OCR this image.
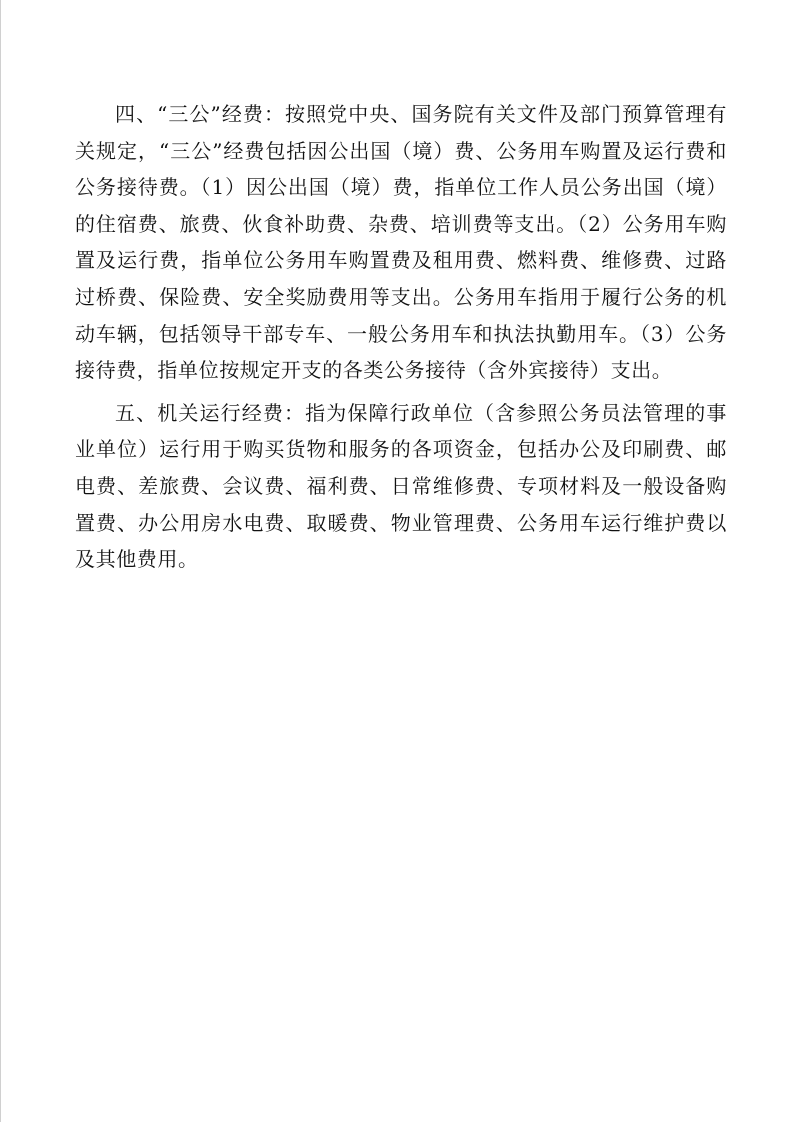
四、“三公”经费：按照党中央、国务院有关文件及部门预算管理有关规定，“三公”经费包括因公出国（境）费、公务用车购置及运行费和公务接待费。（1）因公出国（境）费，指单位工作人员公务出国（境）的住宿费、旅费、伙食补助费、杂费、培训费等支出。（2）公务用车购置及运行费，指单位公务用车购置费及租用费、燃料费、维修费、过路过桥费、保险费、安全奖励费用等支出。公务用车指用于履行公务的机动车辆，包括领导干部专车、一般公务用车和执法执勤用车。（3）公务接待费，指单位按规定开支的各类公务接待（含外宾接待）支出。

五、机关运行经费：指为保障行政单位（含参照公务员法管理的事业单位）运行用于购买货物和服务的各项资金，包括办公及印刷费、邮电费、差旅费、会议费、福利费、日常维修费、专项材料及一般设备购置费、办公用房水电费、取暖费、物业管理费、公务用车运行维护费以及其他费用。
